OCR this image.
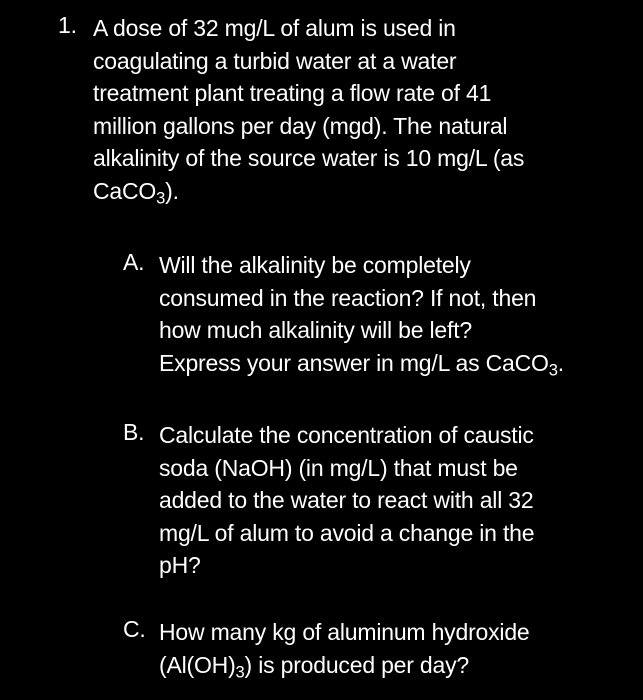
1. A dose of 32 mg/L of alum is used in
coagulating a turbid water at a water
treatment plant treating a flow rate of 41
million gallons per day (mgd). The natural
alkalinity of the source water is 10 mg/L (as
CaCO$_3$).
A. Will the alkalinity be completely
consumed in the reaction? If not, then
how much alkalinity will be left?
Express your answer in mg/L as CaCO$_3$.
B. Calculate the concentration of caustic
soda (NaOH) (in mg/L) that must be
added to the water to react with all 32
mg/L of alum to avoid a change in the
pH?
C. How many kg of aluminum hydroxide
$(Al(OH)_3)$ is produced per day?
